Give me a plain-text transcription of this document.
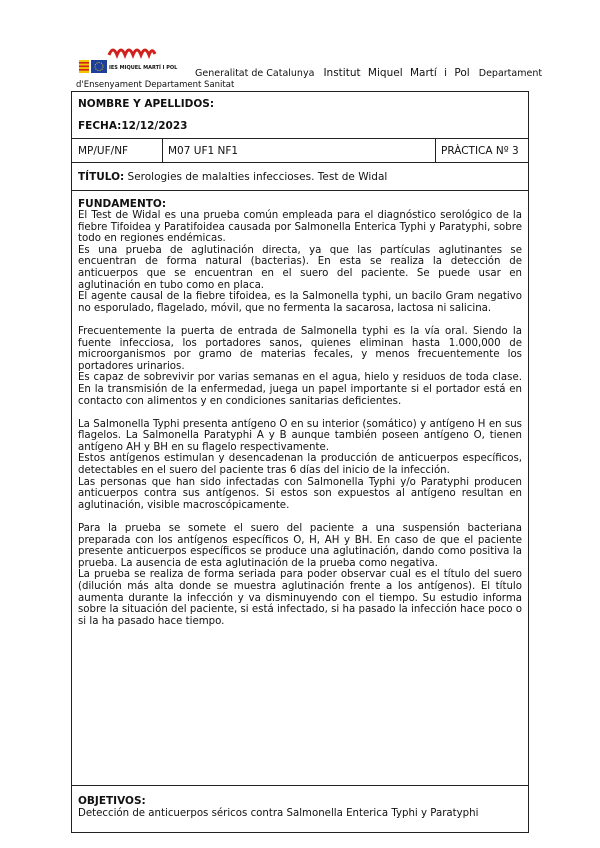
IES MIQUEL MARTÍ I POL Generalitat de Catalunya Institut Miquel Martí i Pol Departament
d'Ensenyament Departament Sanitat
NOMBRE Y APELLIDOS:
FECHA:12/12/2023
MP/UF/NF	M07 UF1 NF1	PRÀCTICA Nº 3
TÍTULO: Serologies de malalties infeccioses. Test de Widal
FUNDAMENTO:

El Test de Widal es una prueba común empleada para el diagnóstico serológico de la fiebre Tifoidea y Paratifoidea causada por Salmonella Enterica Typhi y Paratyphi, sobre todo en regiones endémicas.

Es una prueba de aglutinación directa, ya que las partículas aglutinantes se encuentran de forma natural (bacterias). En esta se realiza la detección de anticuerpos que se encuentran en el suero del paciente. Se puede usar en aglutinación en tubo como en placa.

El agente causal de la fiebre tifoidea, es la Salmonella typhi, un bacilo Gram negativo no esporulado, flagelado, móvil, que no fermenta la sacarosa, lactosa ni salicina.

Frecuentemente la puerta de entrada de Salmonella typhi es la vía oral. Siendo la fuente infecciosa, los portadores sanos, quienes eliminan hasta 1.000,000 de microorganismos por gramo de materias fecales, y menos frecuentemente los portadores urinarios.

Es capaz de sobrevivir por varias semanas en el agua, hielo y residuos de toda clase. En la transmisión de la enfermedad, juega un papel importante si el portador está en contacto con alimentos y en condiciones sanitarias deficientes.

La Salmonella Typhi presenta antígeno O en su interior (somático) y antígeno H en sus flagelos. La Salmonella Paratyphi A y B aunque también poseen antígeno O, tienen antígeno AH y BH en su flagelo respectivamente.

Estos antígenos estimulan y desencadenan la producción de anticuerpos específicos, detectables en el suero del paciente tras 6 días del inicio de la infección.

Las personas que han sido infectadas con Salmonella Typhi y/o Paratyphi producen anticuerpos contra sus antígenos. Si estos son expuestos al antígeno resultan en aglutinación, visible macroscópicamente.

Para la prueba se somete el suero del paciente a una suspensión bacteriana preparada con los antígenos específicos O, H, AH y BH. En caso de que el paciente presente anticuerpos específicos se produce una aglutinación, dando como positiva la prueba. La ausencia de esta aglutinación de la prueba como negativa.

La prueba se realiza de forma seriada para poder observar cual es el título del suero (dilución más alta donde se muestra aglutinación frente a los antígenos). El título aumenta durante la infección y va disminuyendo con el tiempo. Su estudio informa sobre la situación del paciente, si está infectado, si ha pasado la infección hace poco o si la ha pasado hace tiempo.

OBJETIVOS:
Detección de anticuerpos séricos contra Salmonella Enterica Typhi y Paratyphi
